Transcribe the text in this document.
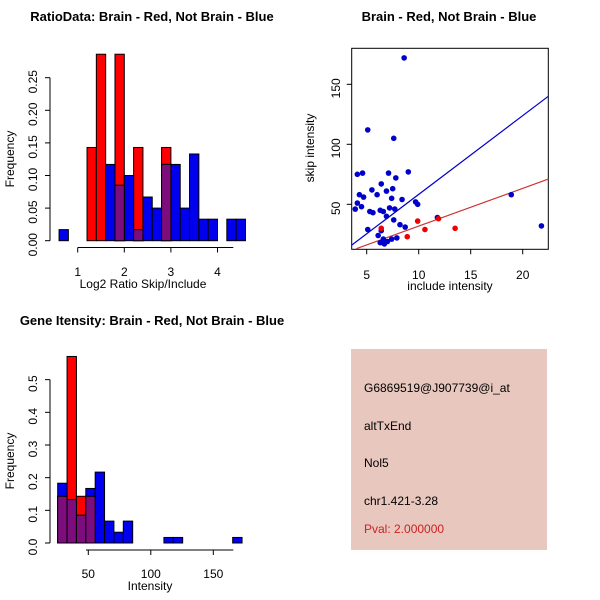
0.00
0.05
0.10
0.15
0.20
0.25
1	2	3	4
RatioData: Brain - Red, Not Brain - Blue
Log2 Ratio Skip/Include
Frequency
5	10	15	20
50
100
150
Brain - Red, Not Brain - Blue
include intensity
skip intensity
0.0
0.1
0.2
0.3
0.4
0.5
50	100	150
Gene Itensity: Brain - Red, Not Brain - Blue
Intensity
Frequency
G6869519@J907739@i_at
altTxEnd
Nol5
chr1.421-3.28
Pval: 2.000000
